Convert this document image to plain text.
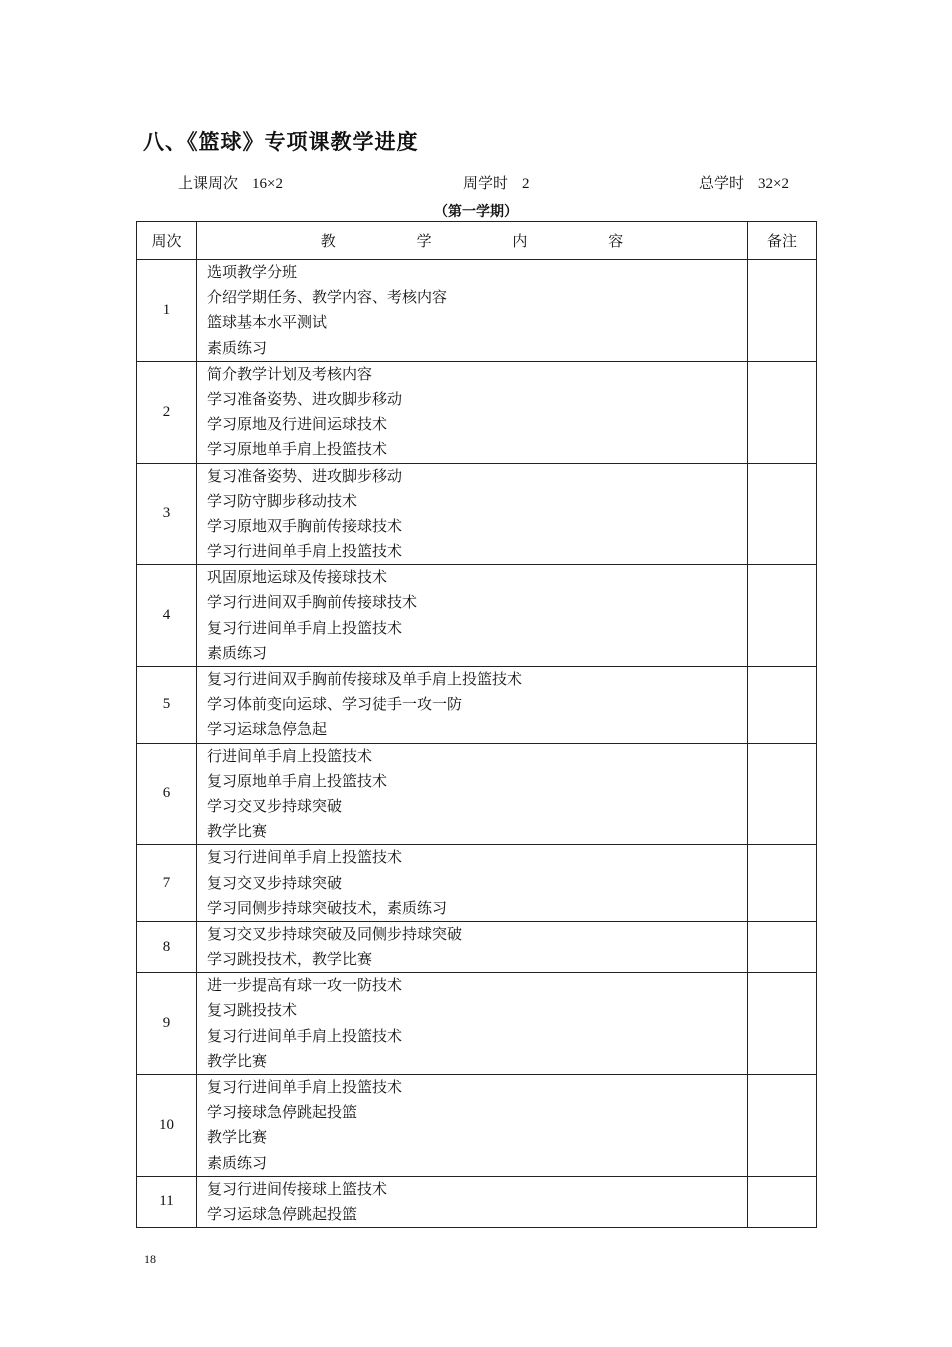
八、《篮球》专项课教学进度
上课周次 16×2	周学时 2	总学时 32×2
（第一学期）
周次	教 学 内 容	备注
1	选项教学分班
介绍学期任务、教学内容、考核内容
篮球基本水平测试
素质练习	

2	简介教学计划及考核内容
学习准备姿势、进攻脚步移动
学习原地及行进间运球技术
学习原地单手肩上投篮技术	

3	复习准备姿势、进攻脚步移动
学习防守脚步移动技术
学习原地双手胸前传接球技术
学习行进间单手肩上投篮技术	

4	巩固原地运球及传接球技术
学习行进间双手胸前传接球技术
复习行进间单手肩上投篮技术
素质练习	

5	复习行进间双手胸前传接球及单手肩上投篮技术
学习体前变向运球、学习徒手一攻一防
学习运球急停急起	

6	行进间单手肩上投篮技术
复习原地单手肩上投篮技术
学习交叉步持球突破
教学比赛	

7	复习行进间单手肩上投篮技术
复习交叉步持球突破
学习同侧步持球突破技术，素质练习	

8	复习交叉步持球突破及同侧步持球突破
学习跳投技术，教学比赛	

9	进一步提高有球一攻一防技术
复习跳投技术
复习行进间单手肩上投篮技术
教学比赛	

10	复习行进间单手肩上投篮技术
学习接球急停跳起投篮
教学比赛
素质练习	

11	复习行进间传接球上篮技术
学习运球急停跳起投篮	

18
